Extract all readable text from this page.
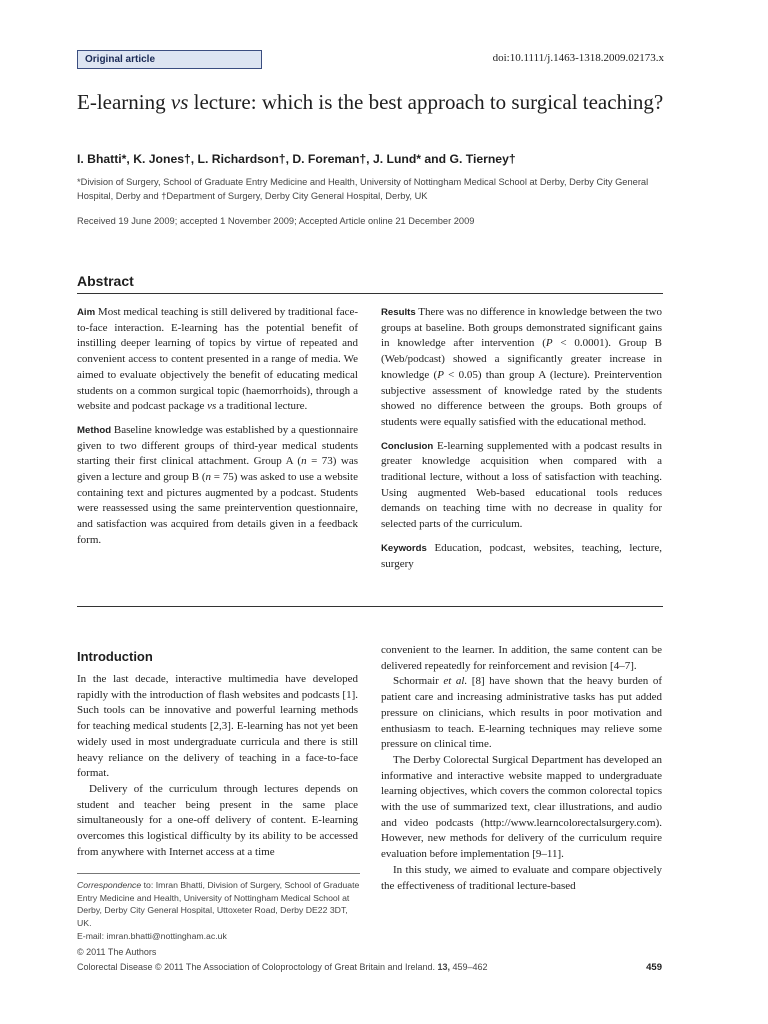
Original article	doi:10.1111/j.1463-1318.2009.02173.x
E-learning vs lecture: which is the best approach to surgical teaching?
I. Bhatti*, K. Jones†, L. Richardson†, D. Foreman†, J. Lund* and G. Tierney†
*Division of Surgery, School of Graduate Entry Medicine and Health, University of Nottingham Medical School at Derby, Derby City General Hospital, Derby and †Department of Surgery, Derby City General Hospital, Derby, UK
Received 19 June 2009; accepted 1 November 2009; Accepted Article online 21 December 2009
Abstract

Aim Most medical teaching is still delivered by traditional face-to-face interaction. E-learning has the potential benefit of instilling deeper learning of topics by virtue of repeated and convenient access to content presented in a range of media. We aimed to evaluate objectively the benefit of educating medical students on a common surgical topic (haemorrhoids), through a website and podcast package vs a traditional lecture.

Method Baseline knowledge was established by a questionnaire given to two different groups of third-year medical students starting their first clinical attachment. Group A (n = 73) was given a lecture and group B (n = 75) was asked to use a website containing text and pictures augmented by a podcast. Students were reassessed using the same preintervention questionnaire, and satisfaction was acquired from details given in a feedback form.

Results There was no difference in knowledge between the two groups at baseline. Both groups demonstrated significant gains in knowledge after intervention (P < 0.0001). Group B (Web/podcast) showed a significantly greater increase in knowledge (P < 0.05) than group A (lecture). Preintervention subjective assessment of knowledge rated by the students showed no difference between the groups. Both groups of students were equally satisfied with the educational method.

Conclusion E-learning supplemented with a podcast results in greater knowledge acquisition when compared with a traditional lecture, without a loss of satisfaction with teaching. Using augmented Web-based educational tools reduces demands on teaching time with no decrease in quality for selected parts of the curriculum.

Keywords Education, podcast, websites, teaching, lecture, surgery

Introduction

In the last decade, interactive multimedia have developed rapidly with the introduction of flash websites and podcasts [1]. Such tools can be innovative and powerful learning methods for teaching medical students [2,3]. E-learning has not yet been widely used in most undergraduate curricula and there is still heavy reliance on the delivery of teaching in a face-to-face format.

Delivery of the curriculum through lectures depends on student and teacher being present in the same place simultaneously for a one-off delivery of content. E-learning overcomes this logistical difficulty by its ability to be accessed from anywhere with Internet access at a time

convenient to the learner. In addition, the same content can be delivered repeatedly for reinforcement and revision [4–7].

Schormair et al. [8] have shown that the heavy burden of patient care and increasing administrative tasks has put added pressure on clinicians, which results in poor motivation and enthusiasm to teach. E-learning techniques may relieve some pressure on clinical time.

The Derby Colorectal Surgical Department has developed an informative and interactive website mapped to undergraduate learning objectives, which covers the common colorectal topics with the use of summarized text, clear illustrations, and audio and video podcasts (http://www.learncolorectalsurgery.com). However, new methods for delivery of the curriculum require evaluation before implementation [9–11].

In this study, we aimed to evaluate and compare objectively the effectiveness of traditional lecture-based

Correspondence to: Imran Bhatti, Division of Surgery, School of Graduate Entry Medicine and Health, University of Nottingham Medical School at Derby, Derby City General Hospital, Uttoxeter Road, Derby DE22 3DT, UK.
E-mail: imran.bhatti@nottingham.ac.uk
© 2011 The Authors
Colorectal Disease © 2011 The Association of Coloproctology of Great Britain and Ireland. 13, 459–462	459
